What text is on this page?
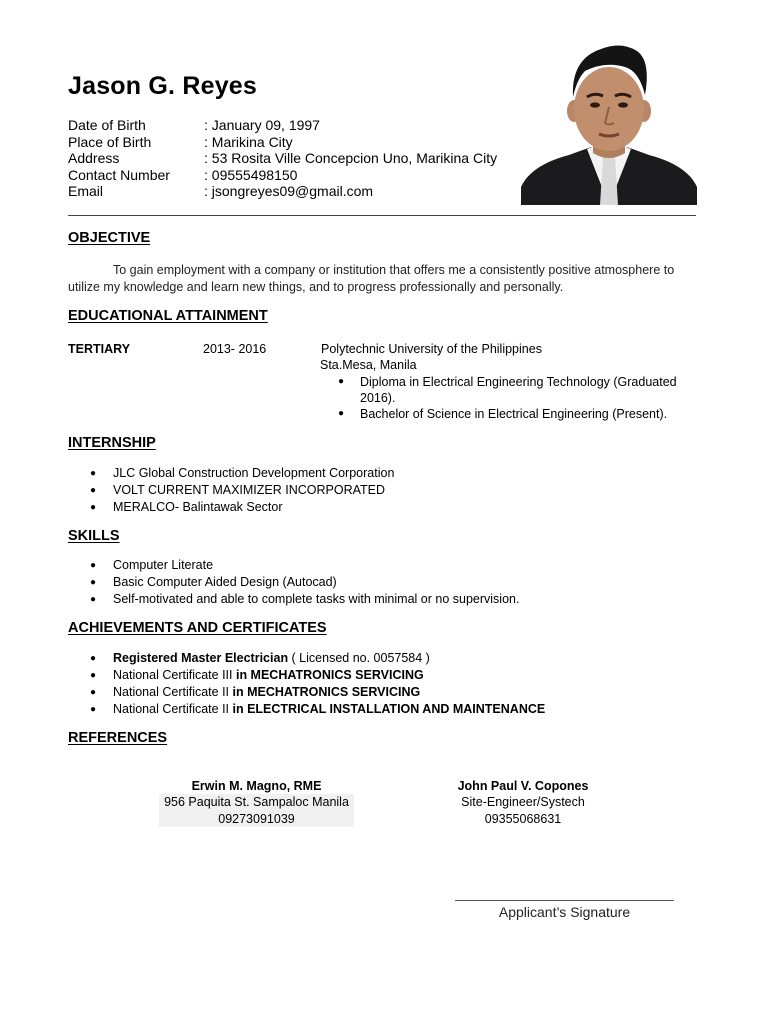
Jason G. Reyes
Date of Birth	: January 09, 1997
Place of Birth	: Marikina City
Address	: 53 Rosita Ville Concepcion Uno, Marikina City
Contact Number	: 09555498150
Email	: jsongreyes09@gmail.com
OBJECTIVE
To gain employment with a company or institution that offers me a consistently positive atmosphere to utilize my knowledge and learn new things, and to progress professionally and personally.
EDUCATIONAL ATTAINMENT
TERTIARY	2013- 2016	Polytechnic University of the Philippines
Sta.Mesa, Manila
● Diploma in Electrical Engineering Technology (Graduated 2016).
● Bachelor of Science in Electrical Engineering (Present).
INTERNSHIP
● JLC Global Construction Development Corporation
● VOLT CURRENT MAXIMIZER INCORPORATED
● MERALCO- Balintawak Sector
SKILLS
● Computer Literate
● Basic Computer Aided Design (Autocad)
● Self-motivated and able to complete tasks with minimal or no supervision.
ACHIEVEMENTS AND CERTIFICATES
● Registered Master Electrician ( Licensed no. 0057584 )
● National Certificate III in MECHATRONICS SERVICING
● National Certificate II in MECHATRONICS SERVICING
● National Certificate II in ELECTRICAL INSTALLATION AND MAINTENANCE
REFERENCES
Erwin M. Magno, RME
956 Paquita St. Sampaloc Manila
09273091039
John Paul V. Copones
Site-Engineer/Systech
09355068631
Applicant’s Signature
